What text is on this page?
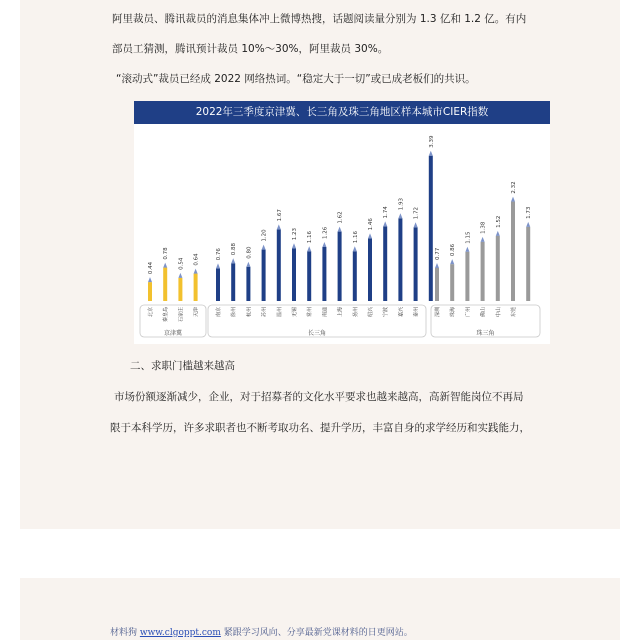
阿里裁员、腾讯裁员的消息集体冲上微博热搜，话题阅读量分别为 1.3 亿和 1.2 亿。有内
部员工猜测，腾讯预计裁员 10%～30%，阿里裁员 30%。
“滚动式”裁员已经成 2022 网络热词。“稳定大于一切”或已成老板们的共识。
2022年三季度京津冀、长三角及珠三角地区样本城市CIER指数
京津冀
0.44
北京
0.78
秦皇岛
0.54
石家庄
0.64
天津
长三角
0.76
南京
0.88
徐州
0.80
杭州
1.20
苏州
1.67
温州
1.23
无锡
1.16
常州
1.26
南通
1.62
上海
1.16
扬州
1.46
绍兴
1.74
宁波
1.93
嘉兴
1.72
泰州
3.39
珠三角
0.77
深圳
0.86
珠海
1.15
广州
1.38
佛山
1.52
中山
2.32
东莞
1.73
二、求职门槛越来越高
市场份额逐渐减少，企业，对于招募者的文化水平要求也越来越高，高新智能岗位不再局
限于本科学历，许多求职者也不断考取功名、提升学历，丰富自身的求学经历和实践能力，
材料狗 www.clgoppt.com 紧跟学习风向、分享最新党课材料的日更网站。
